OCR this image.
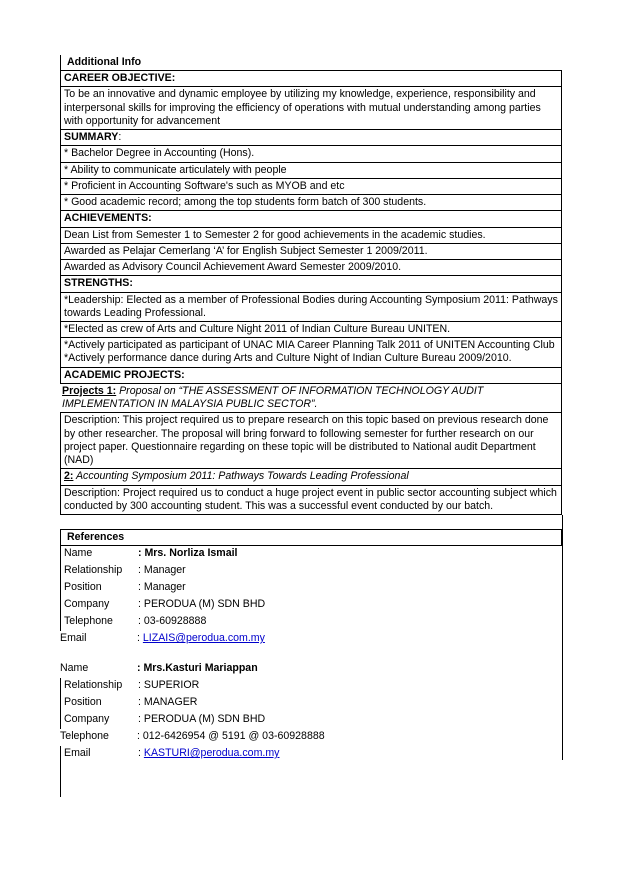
Additional Info
CAREER OBJECTIVE:
To be an innovative and dynamic employee by utilizing my knowledge, experience, responsibility and interpersonal skills for improving the efficiency of operations with mutual understanding among parties with opportunity for advancement
SUMMARY:
* Bachelor Degree in Accounting (Hons).
* Ability to communicate articulately with people
* Proficient in Accounting Software's such as MYOB and etc
* Good academic record; among the top students form batch of 300 students.
ACHIEVEMENTS:
Dean List from Semester 1 to Semester 2 for good achievements in the academic studies.
Awarded as Pelajar Cemerlang ‘A’ for English Subject Semester 1 2009/2011.
Awarded as Advisory Council Achievement Award Semester 2009/2010.
STRENGTHS:
*Leadership: Elected as a member of Professional Bodies during Accounting Symposium 2011: Pathways towards Leading Professional.
*Elected as crew of Arts and Culture Night 2011 of Indian Culture Bureau UNITEN.
*Actively participated as participant of UNAC MIA Career Planning Talk 2011 of UNITEN Accounting Club *Actively performance dance during Arts and Culture Night of Indian Culture Bureau 2009/2010.
ACADEMIC PROJECTS:
Projects 1: Proposal on “THE ASSESSMENT OF INFORMATION TECHNOLOGY AUDIT IMPLEMENTATION IN MALAYSIA PUBLIC SECTOR”.
Description: This project required us to prepare research on this topic based on previous research done by other researcher. The proposal will bring forward to following semester for further research on our project paper. Questionnaire regarding on these topic will be distributed to National audit Department (NAD)
2: Accounting Symposium 2011: Pathways Towards Leading Professional
Description: Project required us to conduct a huge project event in public sector accounting subject which conducted by 300 accounting student. This was a successful event conducted by our batch.
References
Name	: Mrs. Norliza Ismail
Relationship : Manager
Position	: Manager
Company	: PERODUA (M) SDN BHD
Telephone : 03-60928888
Email	: LIZAIS@perodua.com.my
Name	: Mrs.Kasturi Mariappan
Relationship : SUPERIOR
Position	: MANAGER
Company	: PERODUA (M) SDN BHD
Telephone	: 012-6426954 @ 5191 @ 03-60928888
Email	: KASTURI@perodua.com.my
